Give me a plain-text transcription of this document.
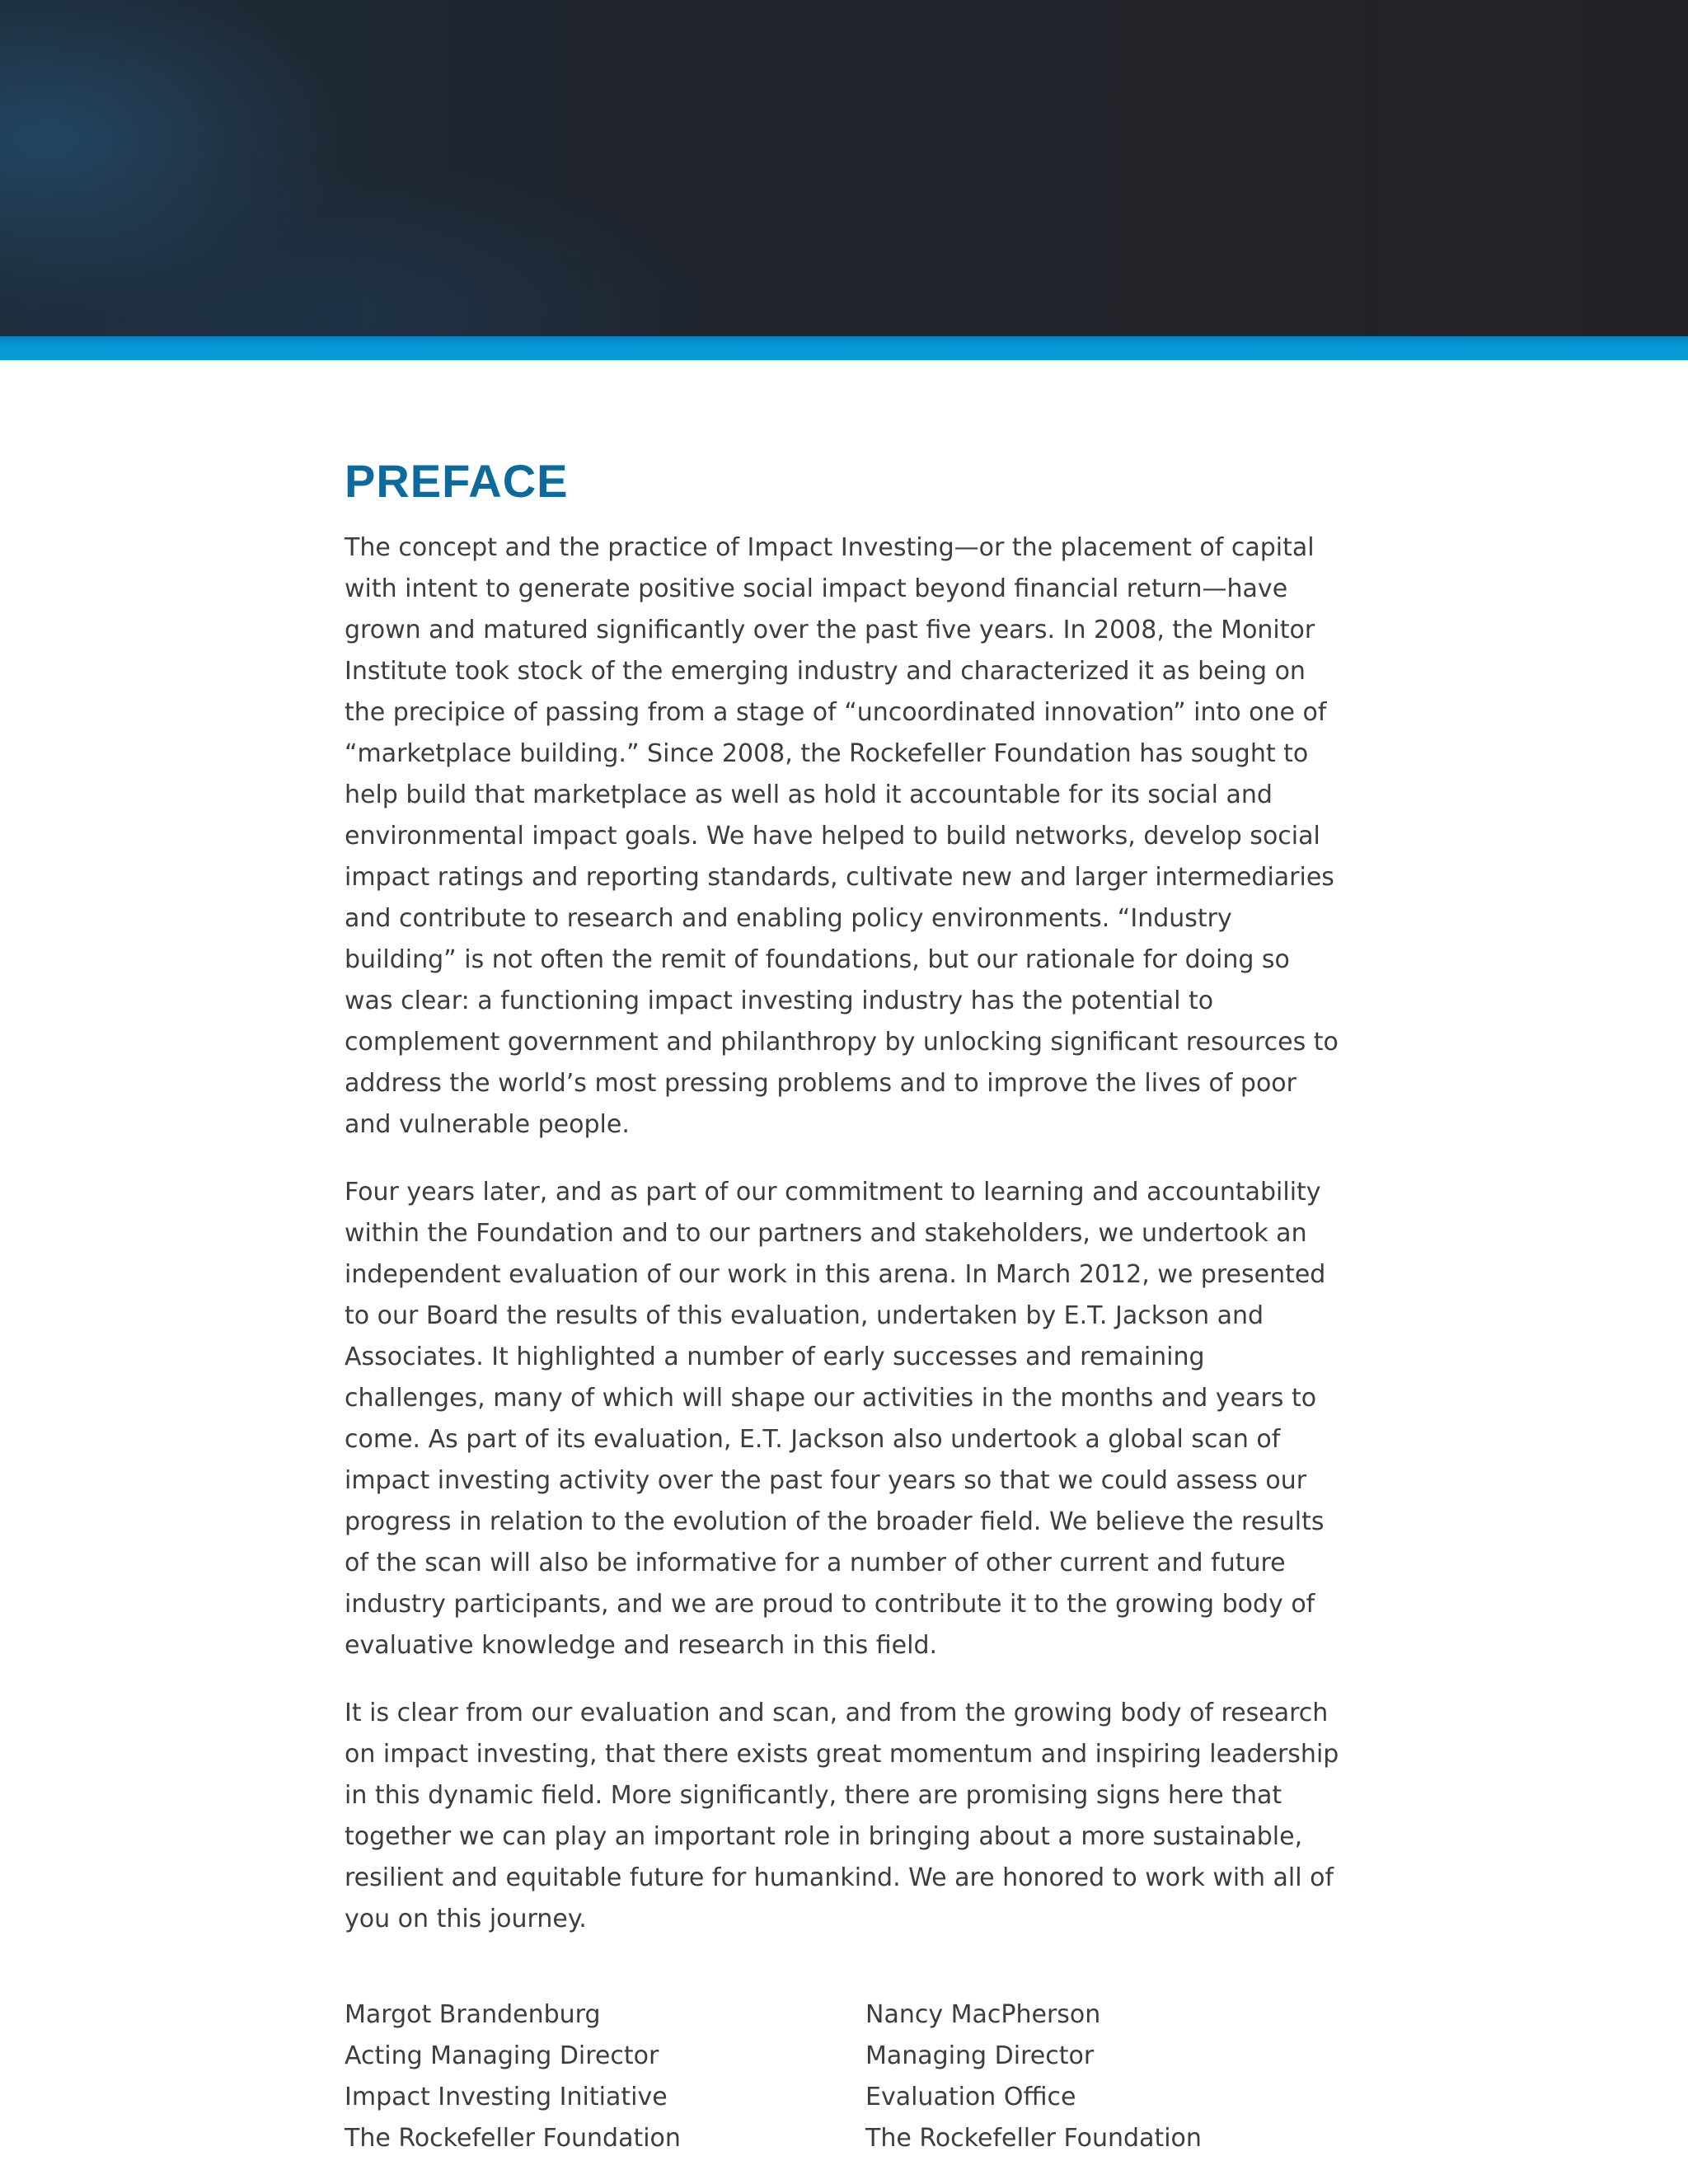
PREFACE

The concept and the practice of Impact Investing—or the placement of capital with intent to generate positive social impact beyond financial return—have grown and matured significantly over the past five years. In 2008, the Monitor Institute took stock of the emerging industry and characterized it as being on the precipice of passing from a stage of “uncoordinated innovation” into one of “marketplace building.” Since 2008, the Rockefeller Foundation has sought to help build that marketplace as well as hold it accountable for its social and environmental impact goals. We have helped to build networks, develop social impact ratings and reporting standards, cultivate new and larger intermediaries and contribute to research and enabling policy environments. “Industry building” is not often the remit of foundations, but our rationale for doing so was clear: a functioning impact investing industry has the potential to complement government and philanthropy by unlocking significant resources to address the world’s most pressing problems and to improve the lives of poor and vulnerable people.

Four years later, and as part of our commitment to learning and accountability within the Foundation and to our partners and stakeholders, we undertook an independent evaluation of our work in this arena. In March 2012, we presented to our Board the results of this evaluation, undertaken by E.T. Jackson and Associates. It highlighted a number of early successes and remaining challenges, many of which will shape our activities in the months and years to come. As part of its evaluation, E.T. Jackson also undertook a global scan of impact investing activity over the past four years so that we could assess our progress in relation to the evolution of the broader field. We believe the results of the scan will also be informative for a number of other current and future industry participants, and we are proud to contribute it to the growing body of evaluative knowledge and research in this field.

It is clear from our evaluation and scan, and from the growing body of research on impact investing, that there exists great momentum and inspiring leadership in this dynamic field. More significantly, there are promising signs here that together we can play an important role in bringing about a more sustainable, resilient and equitable future for humankind. We are honored to work with all of you on this journey.

Margot Brandenburg
Acting Managing Director
Impact Investing Initiative
The Rockefeller Foundation
Nancy MacPherson
Managing Director
Evaluation Office
The Rockefeller Foundation
